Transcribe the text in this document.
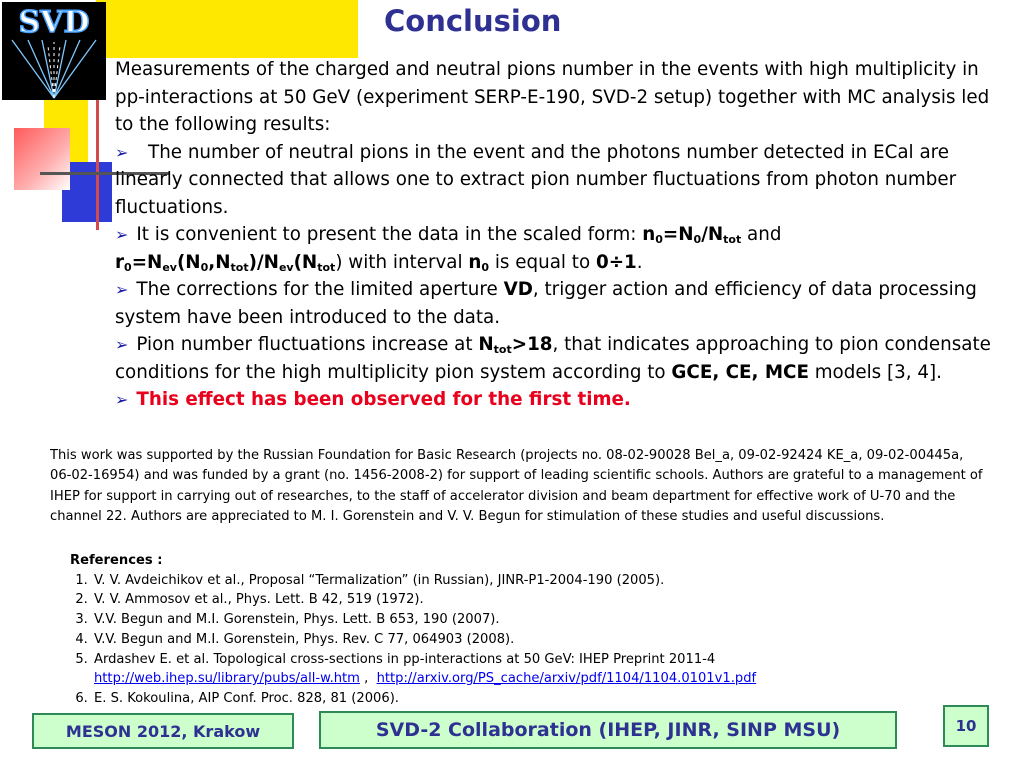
SVD	Conclusion

Measurements of the charged and neutral pions number in the events with high multiplicity in pp-interactions at 50 GeV (experiment SERP-E-190, SVD-2 setup) together with MC analysis led to the following results:

➢ The number of neutral pions in the event and the photons number detected in ECal are linearly connected that allows one to extract pion number fluctuations from photon number fluctuations.

➢ It is convenient to present the data in the scaled form: $n_0=N_0/N_{tot}$ and
$r_0=N_{ev}(N_0,N_{tot})/N_{ev}(N_{tot})$ with interval $n_0$ is equal to 0÷1.

➢ The corrections for the limited aperture VD, trigger action and efficiency of data processing system have been introduced to the data.

➢ Pion number fluctuations increase at $N_{tot}>18$, that indicates approaching to pion condensate conditions for the high multiplicity pion system according to GCE, CE, MCE models [3, 4].

➢ This effect has been observed for the first time.

This work was supported by the Russian Foundation for Basic Research (projects no. 08-02-90028 Bel_a, 09-02-92424 KE_a, 09-02-00445a, 06-02-16954) and was funded by a grant (no. 1456-2008-2) for support of leading scientific schools. Authors are grateful to a management of IHEP for support in carrying out of researches, to the staff of accelerator division and beam department for effective work of U-70 and the channel 22. Authors are appreciated to M. I. Gorenstein and V. V. Begun for stimulation of these studies and useful discussions.
References :
1. V. V. Avdeichikov et al., Proposal “Termalization” (in Russian), JINR-P1-2004-190 (2005).
2. V. V. Ammosov et al., Phys. Lett. B 42, 519 (1972).
3. V.V. Begun and M.I. Gorenstein, Phys. Lett. B 653, 190 (2007).
4. V.V. Begun and M.I. Gorenstein, Phys. Rev. C 77, 064903 (2008).
5. Ardashev E. et al. Topological cross-sections in pp-interactions at 50 GeV: IHEP Preprint 2011-4
http://web.ihep.su/library/pubs/all-w.htm ,  http://arxiv.org/PS_cache/arxiv/pdf/1104/1104.0101v1.pdf
6. E. S. Kokoulina, AIP Conf. Proc. 828, 81 (2006).
MESON 2012, Krakow	SVD-2 Collaboration (IHEP, JINR, SINP MSU)	10
